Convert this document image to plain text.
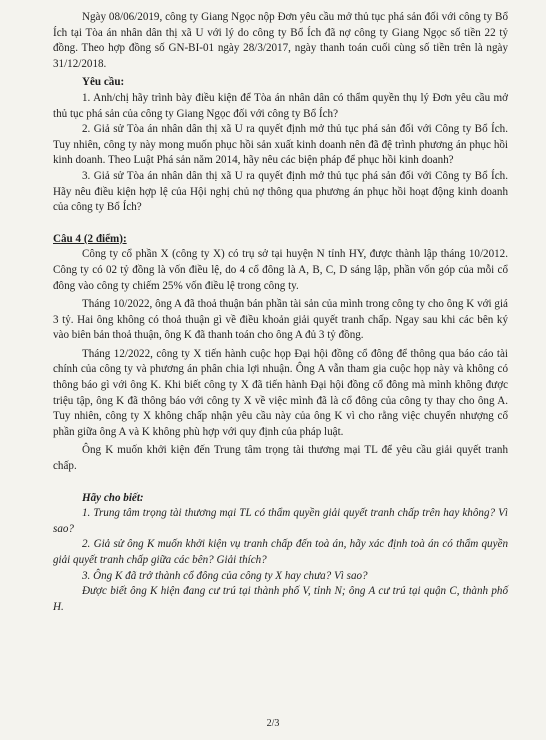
Ngày 08/06/2019, công ty Giang Ngọc nộp Đơn yêu cầu mở thủ tục phá sản đối với công ty Bổ Ích tại Tòa án nhân dân thị xã U với lý do công ty Bổ Ích đã nợ công ty Giang Ngọc số tiền 22 tỷ đồng. Theo hợp đồng số GN-BI-01 ngày 28/3/2017, ngày thanh toán cuối cùng số tiền trên là ngày 31/12/2018.

Yêu cầu:

1. Anh/chị hãy trình bày điều kiện để Tòa án nhân dân có thẩm quyền thụ lý Đơn yêu cầu mở thủ tục phá sản của công ty Giang Ngọc đối với công ty Bổ Ích?

2. Giả sử Tòa án nhân dân thị xã U ra quyết định mở thủ tục phá sản đối với Công ty Bổ Ích. Tuy nhiên, công ty này mong muốn phục hồi sản xuất kinh doanh nên đã đệ trình phương án phục hồi kinh doanh. Theo Luật Phá sản năm 2014, hãy nêu các biện pháp để phục hồi kinh doanh?

3. Giả sử Tòa án nhân dân thị xã U ra quyết định mở thủ tục phá sản đối với Công ty Bổ Ích. Hãy nêu điều kiện hợp lệ của Hội nghị chủ nợ thông qua phương án phục hồi hoạt động kinh doanh của công ty Bổ Ích?

Câu 4 (2 điểm):

Công ty cổ phần X (công ty X) có trụ sở tại huyện N tỉnh HY, được thành lập tháng 10/2012. Công ty có 02 tỷ đồng là vốn điều lệ, do 4 cổ đông là A, B, C, D sáng lập, phần vốn góp của mỗi cổ đông vào công ty chiếm 25% vốn điều lệ trong công ty.

Tháng 10/2022, ông A đã thoả thuận bán phần tài sản của mình trong công ty cho ông K với giá 3 tỷ. Hai ông không có thoả thuận gì về điều khoản giải quyết tranh chấp. Ngay sau khi các bên ký vào biên bản thoả thuận, ông K đã thanh toán cho ông A đủ 3 tỷ đồng.

Tháng 12/2022, công ty X tiến hành cuộc họp Đại hội đồng cổ đông để thông qua báo cáo tài chính của công ty và phương án phân chia lợi nhuận. Ông A vẫn tham gia cuộc họp này và không có thông báo gì với ông K. Khi biết công ty X đã tiến hành Đại hội đồng cổ đông mà mình không được triệu tập, ông K đã thông báo với công ty X về việc mình đã là cổ đông của công ty thay cho ông A. Tuy nhiên, công ty X không chấp nhận yêu cầu này của ông K vì cho rằng việc chuyển nhượng cổ phần giữa ông A và K không phù hợp với quy định của pháp luật.

Ông K muốn khởi kiện đến Trung tâm trọng tài thương mại TL để yêu cầu giải quyết tranh chấp.

Hãy cho biết:

1. Trung tâm trọng tài thương mại TL có thẩm quyền giải quyết tranh chấp trên hay không? Vì sao?

2. Giả sử ông K muốn khởi kiện vụ tranh chấp đến toà án, hãy xác định toà án có thẩm quyền giải quyết tranh chấp giữa các bên? Giải thích?

3. Ông K đã trở thành cổ đông của công ty X hay chưa? Vì sao?

Được biết ông K hiện đang cư trú tại thành phố V, tỉnh N; ông A cư trú tại quận C, thành phố H.

2/3
